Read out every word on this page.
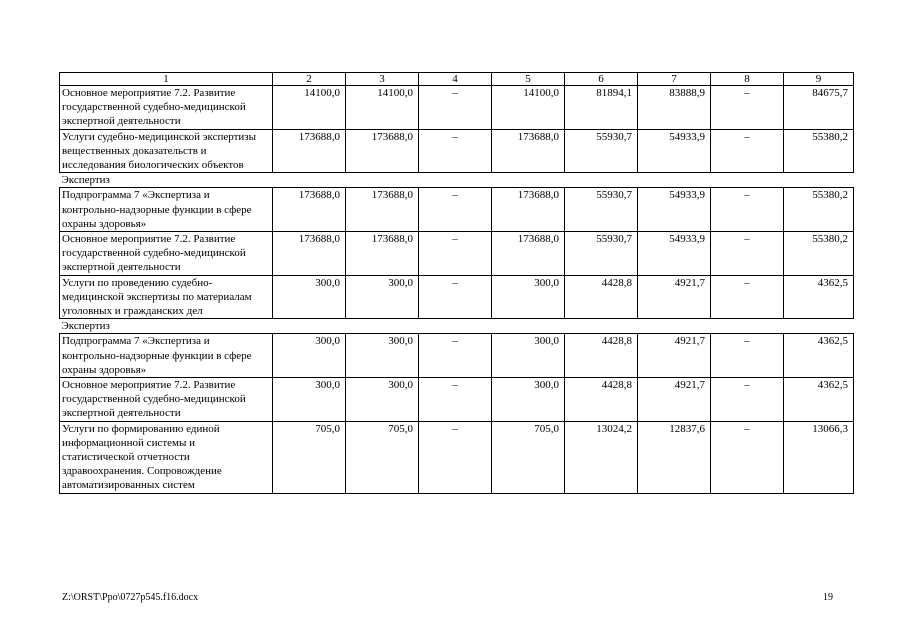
1	2	3	4	5	6	7	8	9
Основное мероприятие 7.2. Развитие государственной судебно-медицинской экспертной деятельности	14100,0	14100,0	–	14100,0	81894,1	83888,9	–	84675,7
Услуги судебно-медицинской экспертизы вещественных доказательств и исследования биологических объектов	173688,0	173688,0	–	173688,0	55930,7	54933,9	–	55380,2
Экспертиз								
Подпрограмма 7 «Экспертиза и контрольно-надзорные функции в сфере охраны здоровья»	173688,0	173688,0	–	173688,0	55930,7	54933,9	–	55380,2
Основное мероприятие 7.2. Развитие государственной судебно-медицинской экспертной деятельности	173688,0	173688,0	–	173688,0	55930,7	54933,9	–	55380,2
Услуги по проведению судебно-медицинской экспертизы по материалам уголовных и гражданских дел	300,0	300,0	–	300,0	4428,8	4921,7	–	4362,5
Экспертиз								
Подпрограмма 7 «Экспертиза и контрольно-надзорные функции в сфере охраны здоровья»	300,0	300,0	–	300,0	4428,8	4921,7	–	4362,5
Основное мероприятие 7.2. Развитие государственной судебно-медицинской экспертной деятельности	300,0	300,0	–	300,0	4428,8	4921,7	–	4362,5
Услуги по формированию единой информационной системы и статистической отчетности здравоохранения. Сопровождение автоматизированных систем	705,0	705,0	–	705,0	13024,2	12837,6	–	13066,3
Z:\ORST\Ppo\0727p545.f16.docx	19
